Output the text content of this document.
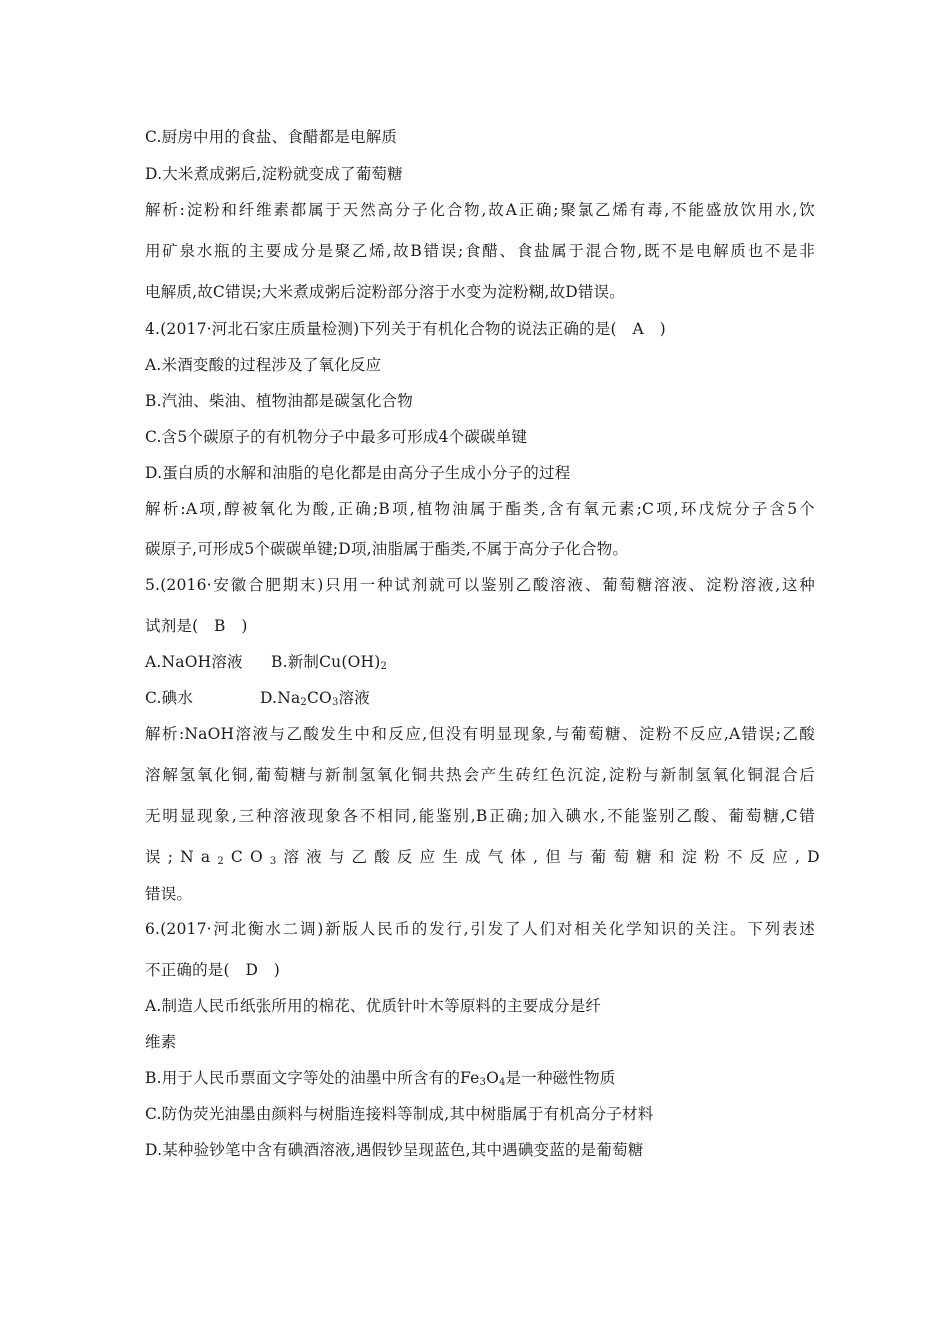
C.厨房中用的食盐、食醋都是电解质
D.大米煮成粥后,淀粉就变成了葡萄糖
解析:淀粉和纤维素都属于天然高分子化合物,故A正确;聚氯乙烯有毒,不能盛放饮用水,饮
用矿泉水瓶的主要成分是聚乙烯,故B错误;食醋、食盐属于混合物,既不是电解质也不是非
电解质,故C错误;大米煮成粥后淀粉部分溶于水变为淀粉糊,故D错误。
4.(2017·河北石家庄质量检测)下列关于有机化合物的说法正确的是(　A　)
A.米酒变酸的过程涉及了氧化反应
B.汽油、柴油、植物油都是碳氢化合物
C.含5个碳原子的有机物分子中最多可形成4个碳碳单键
D.蛋白质的水解和油脂的皂化都是由高分子生成小分子的过程
解析:A项,醇被氧化为酸,正确;B项,植物油属于酯类,含有氧元素;C项,环戊烷分子含5个
碳原子,可形成5个碳碳单键;D项,油脂属于酯类,不属于高分子化合物。
5.(2016·安徽合肥期末)只用一种试剂就可以鉴别乙酸溶液、葡萄糖溶液、淀粉溶液,这种
试剂是(　B　)
A.NaOH溶液 B.新制$Cu(OH)_2$
C.碘水	$D.Na_2CO_3$溶液
解析:NaOH溶液与乙酸发生中和反应,但没有明显现象,与葡萄糖、淀粉不反应,A错误;乙酸
溶解氢氧化铜,葡萄糖与新制氢氧化铜共热会产生砖红色沉淀,淀粉与新制氢氧化铜混合后
无明显现象,三种溶液现象各不相同,能鉴别,B正确;加入碘水,不能鉴别乙酸、葡萄糖,C错
误$;Na_2CO_3$溶液与乙酸反应生成气体,但与葡萄糖和淀粉不反应,D
错误。
6.(2017·河北衡水二调)新版人民币的发行,引发了人们对相关化学知识的关注。下列表述
不正确的是(　D　)
A.制造人民币纸张所用的棉花、优质针叶木等原料的主要成分是纤
维素
B.用于人民币票面文字等处的油墨中所含有的$Fe_3O_4$是一种磁性物质
C.防伪荧光油墨由颜料与树脂连接料等制成,其中树脂属于有机高分子材料
D.某种验钞笔中含有碘酒溶液,遇假钞呈现蓝色,其中遇碘变蓝的是葡萄糖
